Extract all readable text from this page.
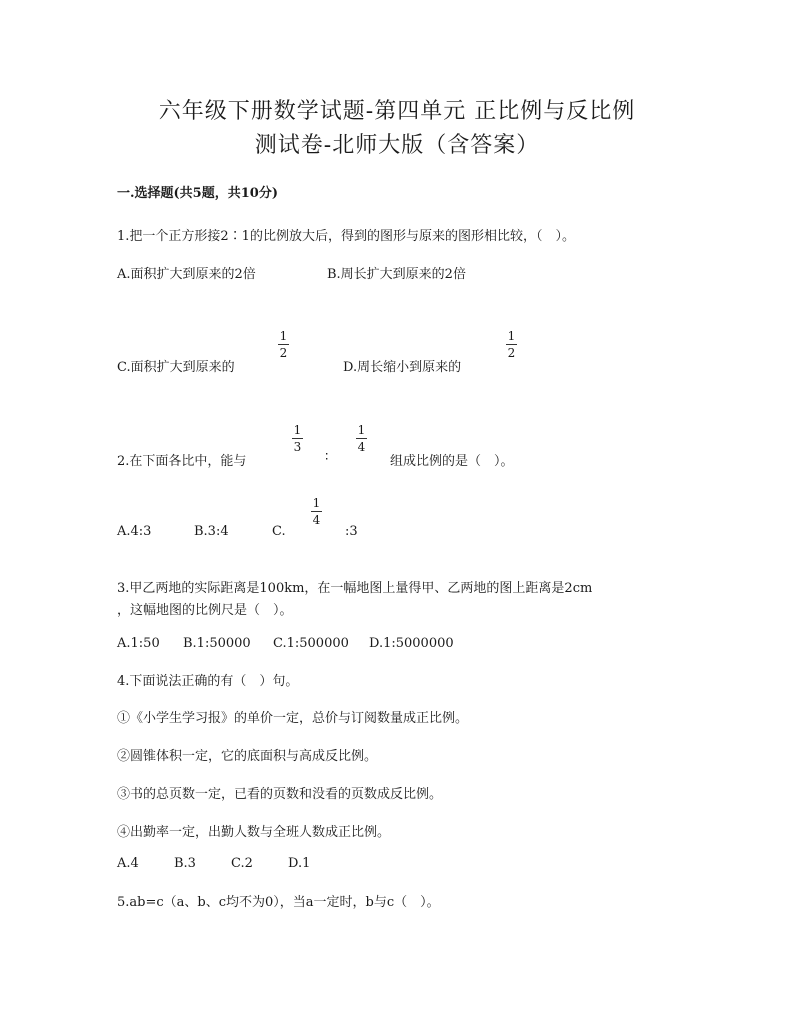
六年级下册数学试题-第四单元 正比例与反比例
测试卷-北师大版（含答案）
一.选择题(共5题，共10分)
1.把一个正方形接2∶1的比例放大后，得到的图形与原来的图形相比较，（　）。
A.面积扩大到原来的2倍	B.周长扩大到原来的2倍
C.面积扩大到原来的
1
2
D.周长缩小到原来的
1
2
2.在下面各比中，能与
1
3
∶
1
4
组成比例的是（　）。
A.4:3	B.3:4	C.
1
4
:3
3.甲乙两地的实际距离是100km，在一幅地图上量得甲、乙两地的图上距离是2cm
，这幅地图的比例尺是（　）。
A.1:50 B.1:50000 C.1:500000 D.1:5000000
4.下面说法正确的有（　）句。
①《小学生学习报》的单价一定，总价与订阅数量成正比例。
②圆锥体积一定，它的底面积与高成反比例。
③书的总页数一定，已看的页数和没看的页数成反比例。
④出勤率一定，出勤人数与全班人数成正比例。
A.4	B.3	C.2	D.1
5.ab=c（a、b、c均不为0），当a一定时，b与c（　）。
